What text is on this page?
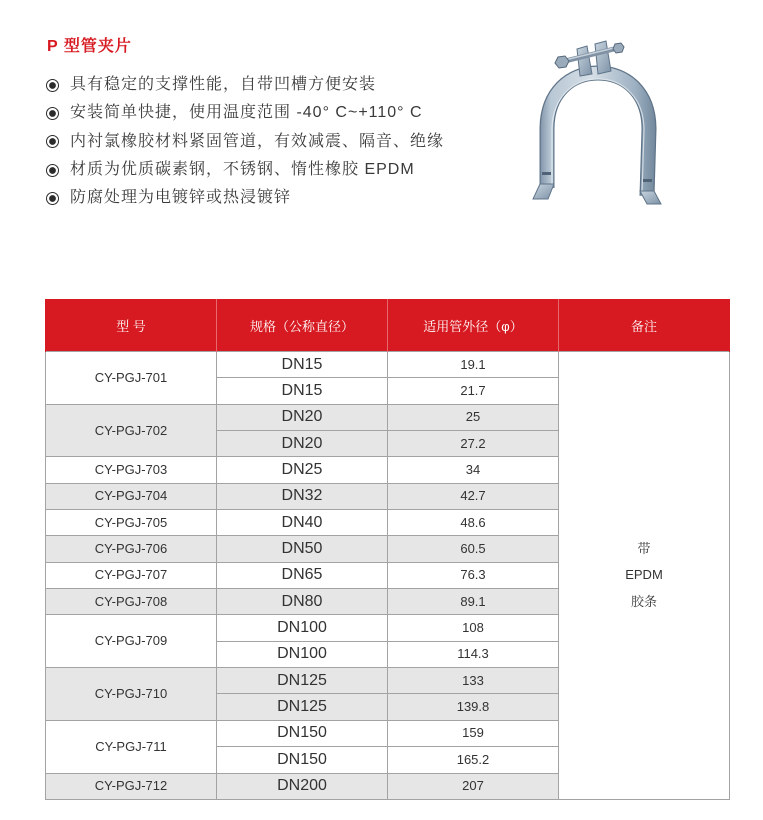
P 型管夹片
具有稳定的支撑性能，自带凹槽方便安装
安装简单快捷，使用温度范围 -40° C~+110° C
内衬氯橡胶材料紧固管道，有效减震、隔音、绝缘
材质为优质碳素钢，不锈钢、惰性橡胶 EPDM
防腐处理为电镀锌或热浸镀锌
型 号	规格（公称直径）	适用管外径（φ）	备注
CY-PGJ-701	DN15	19.1	带
EPDM
胶条

	DN15	21.7	
CY-PGJ-702	DN20	25	
	DN20	27.2	
CY-PGJ-703	DN25	34	
CY-PGJ-704	DN32	42.7	
CY-PGJ-705	DN40	48.6	
CY-PGJ-706	DN50	60.5	
CY-PGJ-707	DN65	76.3	
CY-PGJ-708	DN80	89.1	
CY-PGJ-709	DN100	108	
	DN100	114.3	
CY-PGJ-710	DN125	133	
	DN125	139.8	
CY-PGJ-711	DN150	159	
	DN150	165.2	
CY-PGJ-712	DN200	207	
